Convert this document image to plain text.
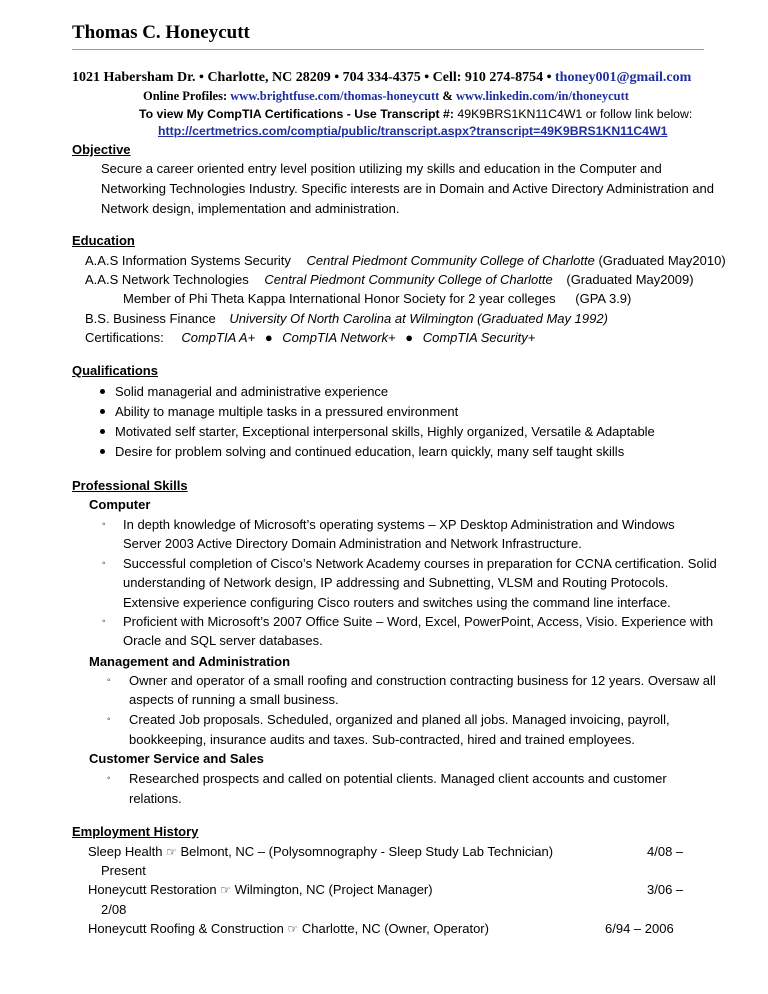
Thomas C. Honeycutt
1021 Habersham Dr. • Charlotte, NC 28209 • 704 334-4375 • Cell: 910 274-8754 • thoney001@gmail.com
Online Profiles: www.brightfuse.com/thomas-honeycutt & www.linkedin.com/in/thoneycutt
To view My CompTIA Certifications - Use Transcript #: 49K9BRS1KN11C4W1 or follow link below:
http://certmetrics.com/comptia/public/transcript.aspx?transcript=49K9BRS1KN11C4W1
Objective
Secure a career oriented entry level position utilizing my skills and education in the Computer and
Networking Technologies Industry. Specific interests are in Domain and Active Directory Administration and
Network design, implementation and administration.
Education
A.A.S Information Systems Security Central Piedmont Community College of Charlotte (Graduated May2010)
A.A.S Network Technologies Central Piedmont Community College of Charlotte (Graduated May2009)
Member of Phi Theta Kappa International Honor Society for 2 year colleges (GPA 3.9)
B.S. Business Finance University Of North Carolina at Wilmington (Graduated May 1992)
Certifications: CompTIA A+ ● CompTIA Network+ ● CompTIA Security+
Qualifications
Solid managerial and administrative experience
Ability to manage multiple tasks in a pressured environment
Motivated self starter, Exceptional interpersonal skills, Highly organized, Versatile & Adaptable
Desire for problem solving and continued education, learn quickly, many self taught skills
Professional Skills
Computer
◦ In depth knowledge of Microsoft’s operating systems – XP Desktop Administration and Windows
Server 2003 Active Directory Domain Administration and Network Infrastructure.
◦ Successful completion of Cisco’s Network Academy courses in preparation for CCNA certification. Solid
understanding of Network design, IP addressing and Subnetting, VLSM and Routing Protocols.
Extensive experience configuring Cisco routers and switches using the command line interface.
◦ Proficient with Microsoft’s 2007 Office Suite – Word, Excel, PowerPoint, Access, Visio. Experience with
Oracle and SQL server databases.
Management and Administration
◦ Owner and operator of a small roofing and construction contracting business for 12 years. Oversaw all
aspects of running a small business.
◦ Created Job proposals. Scheduled, organized and planed all jobs. Managed invoicing, payroll,
bookkeeping, insurance audits and taxes. Sub-contracted, hired and trained employees.
Customer Service and Sales
◦ Researched prospects and called on potential clients. Managed client accounts and customer
relations.
Employment History
Sleep Health ☞ Belmont, NC – (Polysomnography - Sleep Study Lab Technician)	4/08 –
Present
Honeycutt Restoration ☞ Wilmington, NC (Project Manager)	3/06 –
2/08
Honeycutt Roofing & Construction ☞ Charlotte, NC (Owner, Operator)	6/94 – 2006
